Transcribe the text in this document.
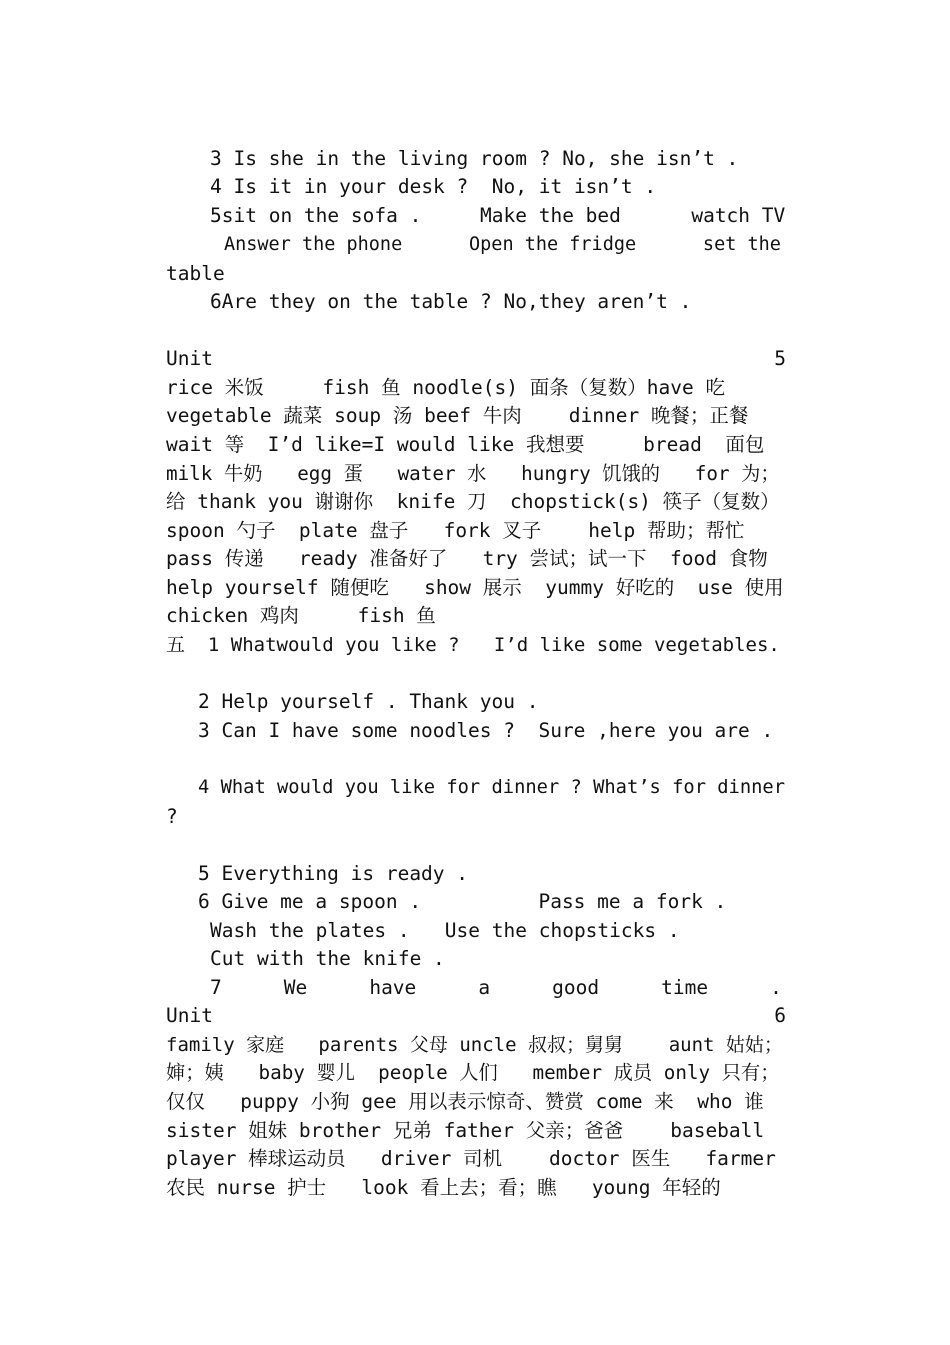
3 Is she in the living room ? No, she isn’t .
4 Is it in your desk ?  No, it isn’t .
5sit on the sofa .     Make the bed      watch TV
Answer the phone      Open the fridge      set the
table
6Are they on the table ? No,they aren’t .
Unit	5
rice 米饭     fish 鱼 noodle(s) 面条（复数）have 吃
vegetable 蔬菜 soup 汤 beef 牛肉    dinner 晚餐；正餐
wait 等  I’d like=I would like 我想要     bread  面包
milk 牛奶   egg 蛋   water 水   hungry 饥饿的   for 为；
给 thank you 谢谢你  knife 刀  chopstick(s) 筷子（复数）
spoon 勺子  plate 盘子   fork 叉子    help 帮助；帮忙
pass 传递   ready 准备好了   try 尝试；试一下  food 食物
help yourself 随便吃   show 展示  yummy 好吃的  use 使用
chicken 鸡肉     fish 鱼
五  1 Whatwould you like ?   I’d like some vegetables.
2 Help yourself . Thank you .
3 Can I have some noodles ?  Sure ,here you are .
4 What would you like for dinner ? What’s for dinner
?
5 Everything is ready .
6 Give me a spoon .          Pass me a fork .
Wash the plates .   Use the chopsticks .
Cut with the knife .
7	We	have	a	good	time	.
Unit	6
family 家庭   parents 父母 uncle 叔叔；舅舅    aunt 姑姑；
婶；姨   baby 婴儿  people 人们   member 成员 only 只有；
仅仅   puppy 小狗 gee 用以表示惊奇、赞赏 come 来  who 谁
sister 姐妹 brother 兄弟 father 父亲；爸爸    baseball
player 棒球运动员   driver 司机    doctor 医生   farmer
农民 nurse 护士   look 看上去；看；瞧   young 年轻的
